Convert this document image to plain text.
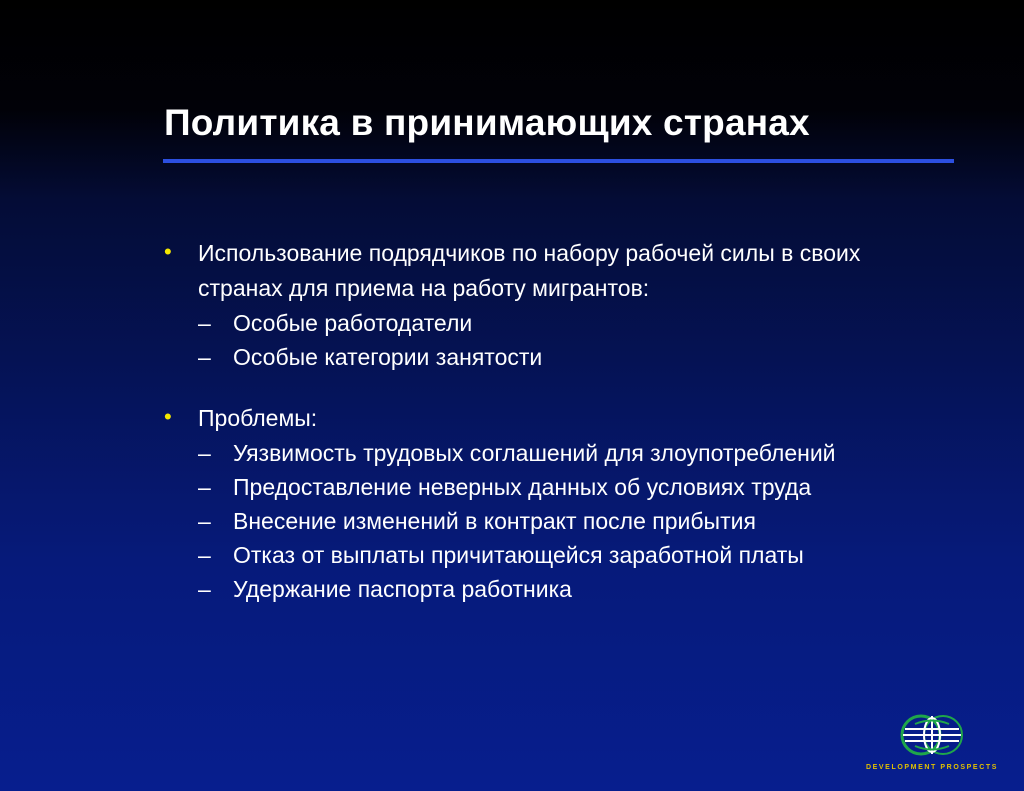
Политика в принимающих странах
• Использование подрядчиков по набору рабочей силы в своих
странах для приема на работу мигрантов:
– Особые работодатели
– Особые категории занятости
• Проблемы:
– Уязвимость трудовых соглашений для злоупотреблений
– Предоставление неверных данных об условиях труда
– Внесение изменений в контракт после прибытия
– Отказ от выплаты причитающейся заработной платы
– Удержание паспорта работника
DEVELOPMENT PROSPECTS
